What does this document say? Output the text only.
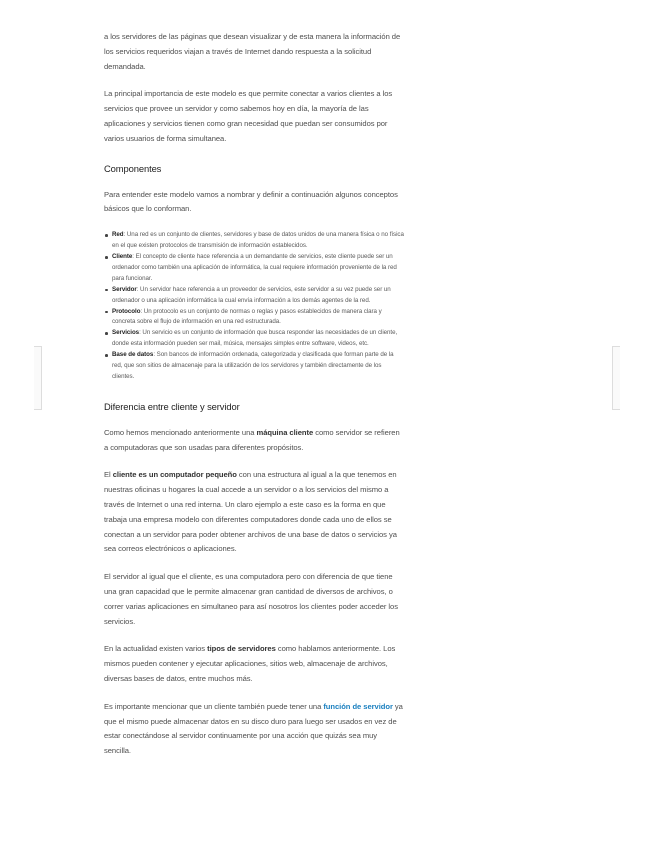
a los servidores de las páginas que desean visualizar y de esta manera la información de los servicios requeridos viajan a través de Internet dando respuesta a la solicitud demandada.

La principal importancia de este modelo es que permite conectar a varios clientes a los servicios que provee un servidor y como sabemos hoy en día, la mayoría de las aplicaciones y servicios tienen como gran necesidad que puedan ser consumidos por varios usuarios de forma simultanea.

Componentes

Para entender este modelo vamos a nombrar y definir a continuación algunos conceptos básicos que lo conforman.

Red: Una red es un conjunto de clientes, servidores y base de datos unidos de una manera física o no física en el que existen protocolos de transmisión de información establecidos.
Cliente: El concepto de cliente hace referencia a un demandante de servicios, este cliente puede ser un ordenador como también una aplicación de informática, la cual requiere información proveniente de la red para funcionar.
Servidor: Un servidor hace referencia a un proveedor de servicios, este servidor a su vez puede ser un ordenador o una aplicación informática la cual envía información a los demás agentes de la red.
Protocolo: Un protocolo es un conjunto de normas o reglas y pasos establecidos de manera clara y concreta sobre el flujo de información en una red estructurada.
Servicios: Un servicio es un conjunto de información que busca responder las necesidades de un cliente, donde esta información pueden ser mail, música, mensajes simples entre software, videos, etc.
Base de datos: Son bancos de información ordenada, categorizada y clasificada que forman parte de la red, que son sitios de almacenaje para la utilización de los servidores y también directamente de los clientes.
Diferencia entre cliente y servidor

Como hemos mencionado anteriormente una máquina cliente como servidor se refieren a computadoras que son usadas para diferentes propósitos.

El cliente es un computador pequeño con una estructura al igual a la que tenemos en nuestras oficinas u hogares la cual accede a un servidor o a los servicios del mismo a través de Internet o una red interna. Un claro ejemplo a este caso es la forma en que trabaja una empresa modelo con diferentes computadores donde cada uno de ellos se conectan a un servidor para poder obtener archivos de una base de datos o servicios ya sea correos electrónicos o aplicaciones.

El servidor al igual que el cliente, es una computadora pero con diferencia de que tiene una gran capacidad que le permite almacenar gran cantidad de diversos de archivos, o correr varias aplicaciones en simultaneo para así nosotros los clientes poder acceder los servicios.

En la actualidad existen varios tipos de servidores como hablamos anteriormente. Los mismos pueden contener y ejecutar aplicaciones, sitios web, almacenaje de archivos, diversas bases de datos, entre muchos más.

Es importante mencionar que un cliente también puede tener una función de servidor ya que el mismo puede almacenar datos en su disco duro para luego ser usados en vez de estar conectándose al servidor continuamente por una acción que quizás sea muy sencilla.
